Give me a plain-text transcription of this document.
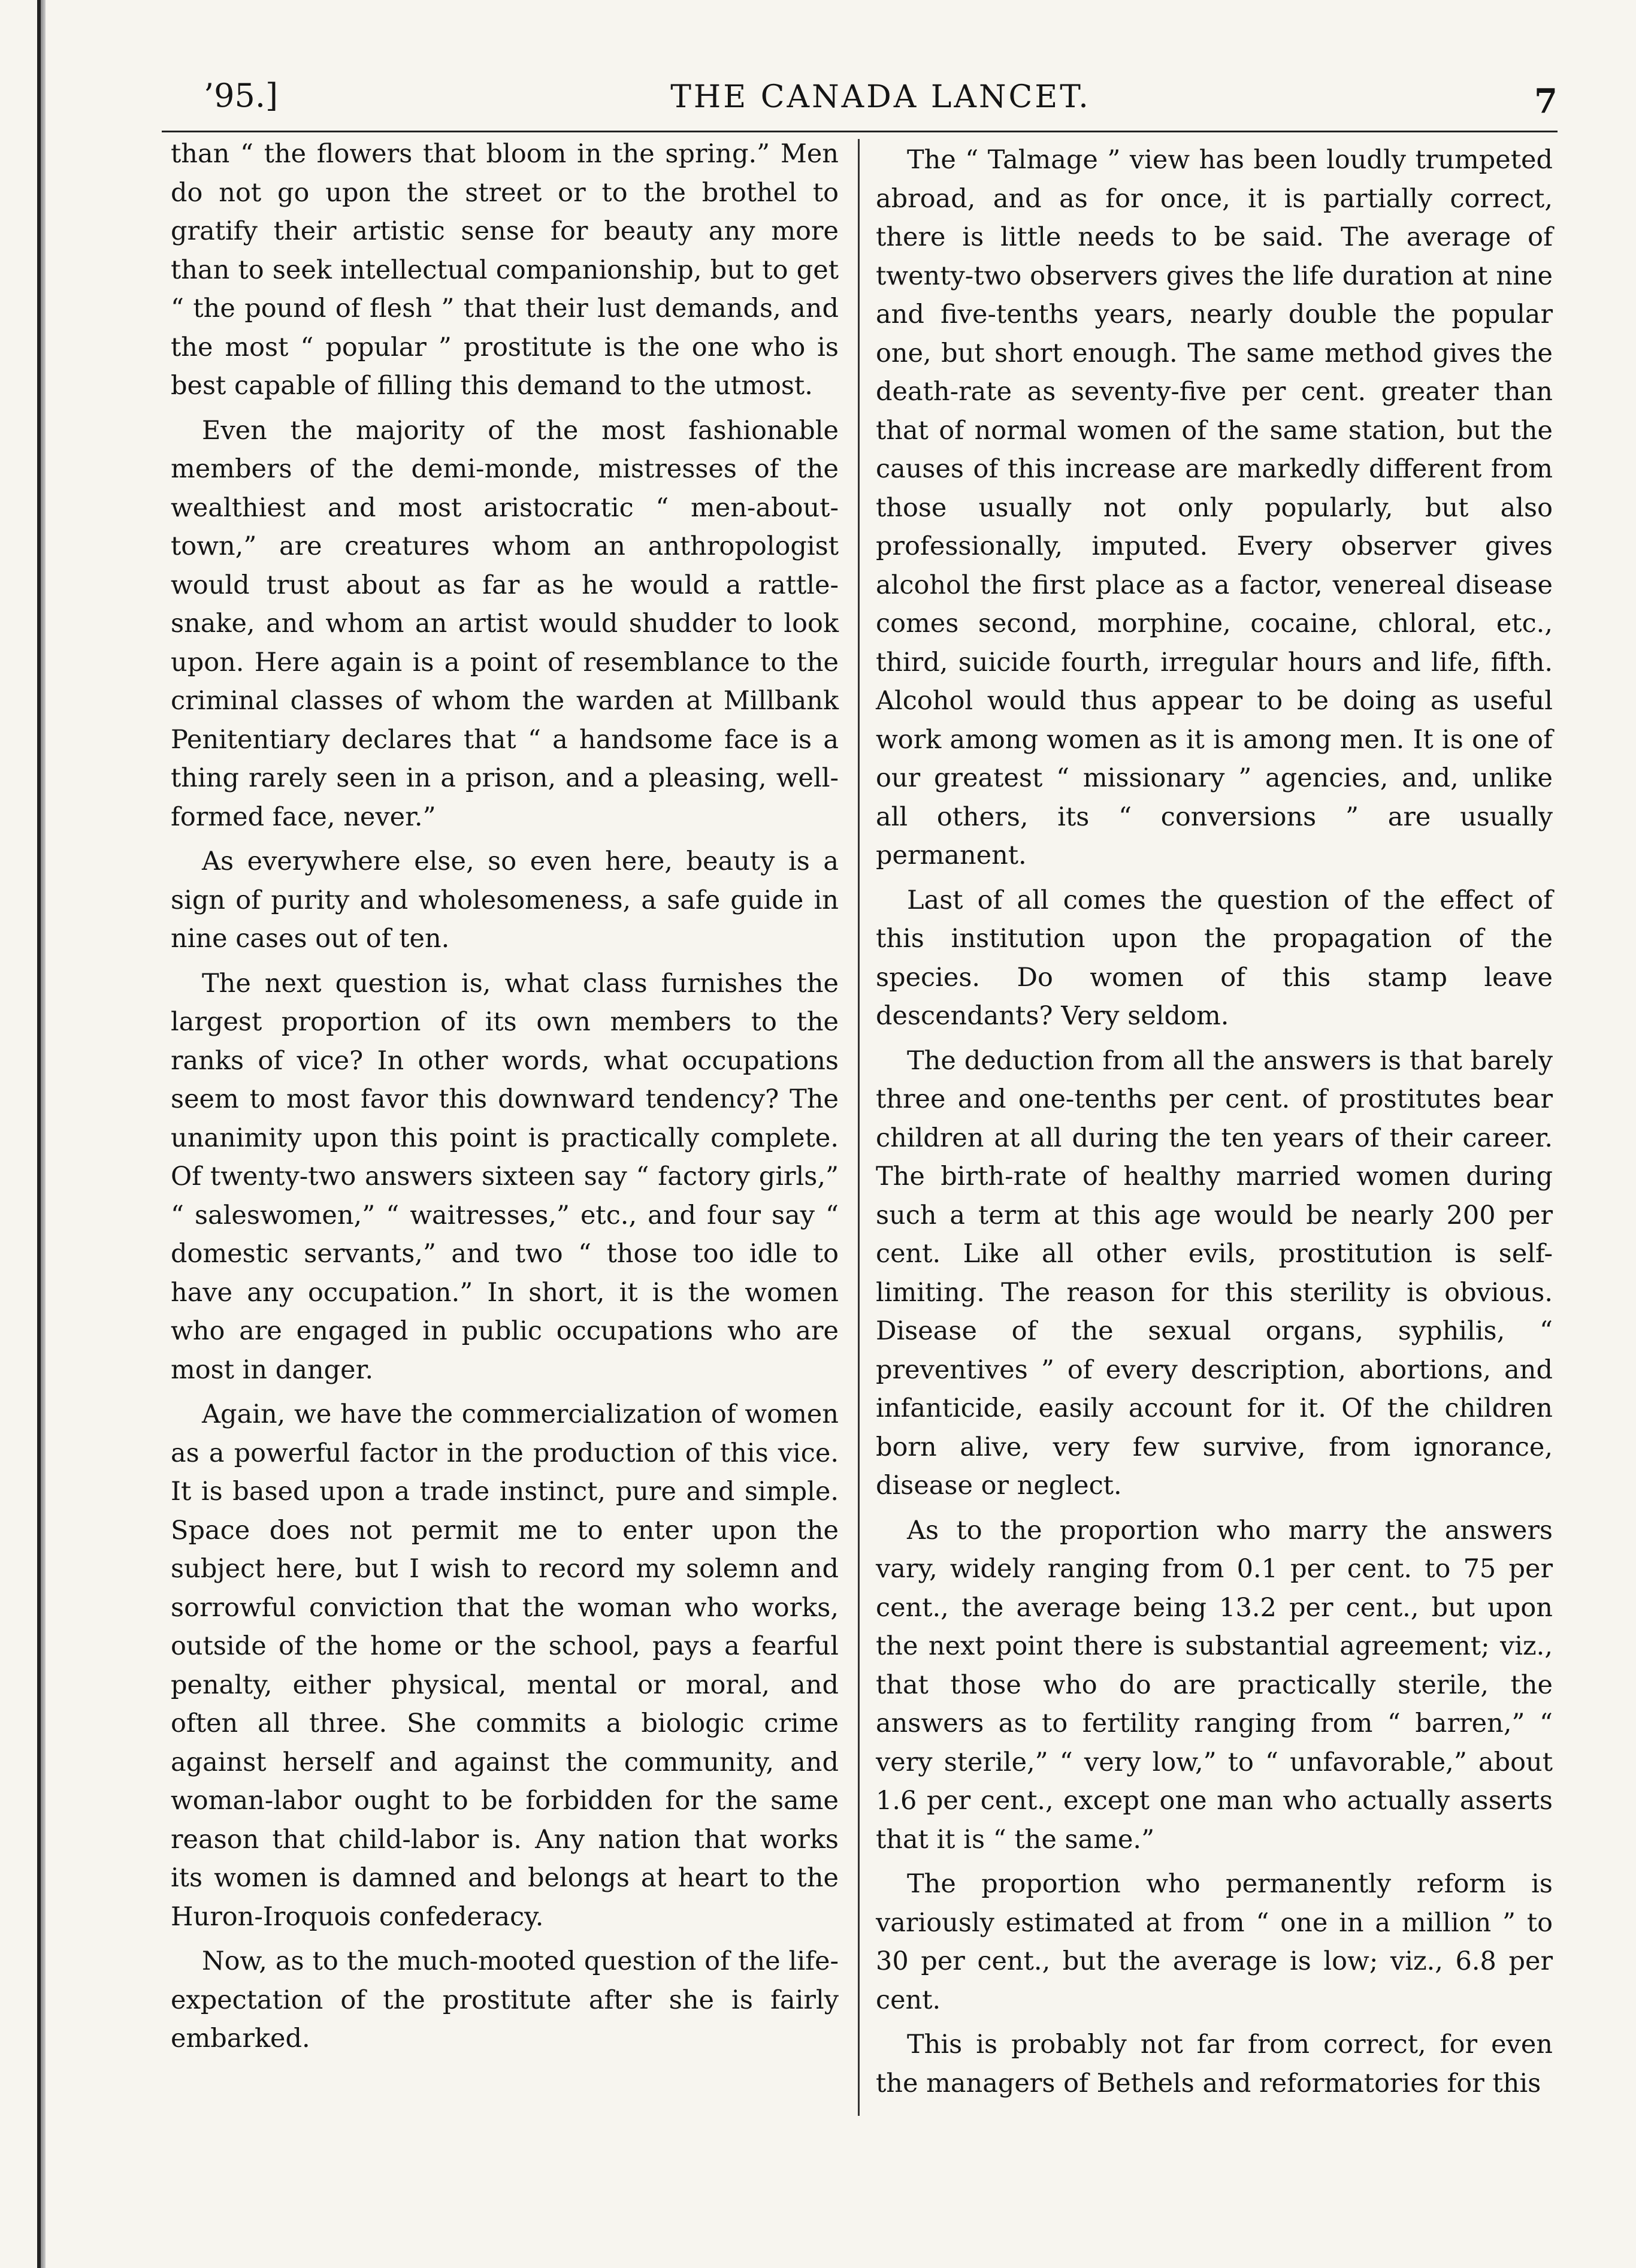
’95.]	THE CANADA LANCET.	7

than “ the flowers that bloom in the spring.” Men do not go upon the street or to the brothel to gratify their artistic sense for beauty any more than to seek intellectual companionship, but to get “ the pound of flesh ” that their lust demands, and the most “ popular ” prostitute is the one who is best capable of filling this demand to the utmost.

Even the majority of the most fashionable members of the demi-monde, mistresses of the wealthiest and most aristocratic “ men-about-town,” are creatures whom an anthropologist would trust about as far as he would a rattle-snake, and whom an artist would shudder to look upon. Here again is a point of resemblance to the criminal classes of whom the warden at Millbank Penitentiary declares that “ a handsome face is a thing rarely seen in a prison, and a pleasing, well-formed face, never.”

As everywhere else, so even here, beauty is a sign of purity and wholesomeness, a safe guide in nine cases out of ten.

The next question is, what class furnishes the largest proportion of its own members to the ranks of vice? In other words, what occupations seem to most favor this downward tendency? The unanimity upon this point is practically complete. Of twenty-two answers sixteen say “ factory girls,” “ saleswomen,” “ waitresses,” etc., and four say “ domestic servants,” and two “ those too idle to have any occupation.” In short, it is the women who are engaged in public occupations who are most in danger.

Again, we have the commercialization of women as a powerful factor in the production of this vice. It is based upon a trade instinct, pure and simple. Space does not permit me to enter upon the subject here, but I wish to record my solemn and sorrowful conviction that the woman who works, outside of the home or the school, pays a fearful penalty, either physical, mental or moral, and often all three. She commits a biologic crime against herself and against the community, and woman-labor ought to be forbidden for the same reason that child-labor is. Any nation that works its women is damned and belongs at heart to the Huron-Iroquois confederacy.

Now, as to the much-mooted question of the life-expectation of the prostitute after she is fairly embarked.

The “ Talmage ” view has been loudly trumpeted abroad, and as for once, it is partially correct, there is little needs to be said. The average of twenty-two observers gives the life duration at nine and five-tenths years, nearly double the popular one, but short enough. The same method gives the death-rate as seventy-five per cent. greater than that of normal women of the same station, but the causes of this increase are markedly different from those usually not only popularly, but also professionally, imputed. Every observer gives alcohol the first place as a factor, venereal disease comes second, morphine, cocaine, chloral, etc., third, suicide fourth, irregular hours and life, fifth. Alcohol would thus appear to be doing as useful work among women as it is among men. It is one of our greatest “ missionary ” agencies, and, unlike all others, its “ conversions ” are usually permanent.

Last of all comes the question of the effect of this institution upon the propagation of the species. Do women of this stamp leave descendants? Very seldom.

The deduction from all the answers is that barely three and one-tenths per cent. of prostitutes bear children at all during the ten years of their career. The birth-rate of healthy married women during such a term at this age would be nearly 200 per cent. Like all other evils, prostitution is self-limiting. The reason for this sterility is obvious. Disease of the sexual organs, syphilis, “ preventives ” of every description, abortions, and infanticide, easily account for it. Of the children born alive, very few survive, from ignorance, disease or neglect.

As to the proportion who marry the answers vary, widely ranging from 0.1 per cent. to 75 per cent., the average being 13.2 per cent., but upon the next point there is substantial agreement; viz., that those who do are practically sterile, the answers as to fertility ranging from “ barren,” “ very sterile,” “ very low,” to “ unfavorable,” about 1.6 per cent., except one man who actually asserts that it is “ the same.”

The proportion who permanently reform is variously estimated at from “ one in a million ” to 30 per cent., but the average is low; viz., 6.8 per cent.

This is probably not far from correct, for even the managers of Bethels and reformatories for this
